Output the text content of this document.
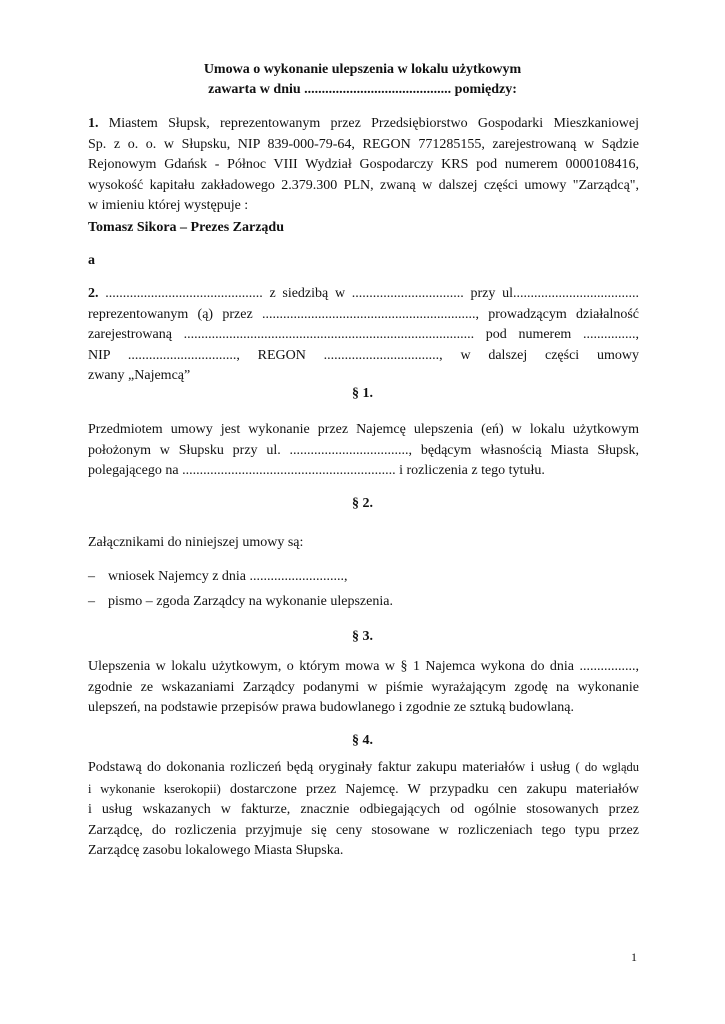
Umowa o wykonanie ulepszenia w lokalu użytkowym
zawarta w dniu .......................................... pomiędzy:
1. Miastem Słupsk, reprezentowanym przez Przedsiębiorstwo Gospodarki Mieszkaniowej
Sp. z o. o. w Słupsku, NIP 839-000-79-64, REGON 771285155, zarejestrowaną w Sądzie
Rejonowym Gdańsk - Północ VIII Wydział Gospodarczy KRS pod numerem 0000108416,
wysokość kapitału zakładowego 2.379.300 PLN, zwaną w dalszej części umowy "Zarządcą",
w imieniu której występuje :
Tomasz Sikora – Prezes Zarządu
a
2. ............................................. z siedzibą w ................................ przy ul....................................
reprezentowanym (ą) przez ............................................................., prowadzącym działalność
zarejestrowaną ................................................................................... pod numerem ...............,
NIP ..............................., REGON ................................., w dalszej części umowy
zwany „Najemcą”
§ 1.
Przedmiotem umowy jest wykonanie przez Najemcę ulepszenia (eń) w lokalu użytkowym
położonym w Słupsku przy ul. .................................., będącym własnością Miasta Słupsk,
polegającego na ............................................................. i rozliczenia z tego tytułu.
§ 2.
Załącznikami do niniejszej umowy są:
– wniosek Najemcy z dnia ...........................,
– pismo – zgoda Zarządcy na wykonanie ulepszenia.
§ 3.
Ulepszenia w lokalu użytkowym, o którym mowa w § 1 Najemca wykona do dnia ................,
zgodnie ze wskazaniami Zarządcy podanymi w piśmie wyrażającym zgodę na wykonanie
ulepszeń, na podstawie przepisów prawa budowlanego i zgodnie ze sztuką budowlaną.
§ 4.
Podstawą do dokonania rozliczeń będą oryginały faktur zakupu materiałów i usług ( do wglądu
i wykonanie kserokopii) dostarczone przez Najemcę. W przypadku cen zakupu materiałów
i usług wskazanych w fakturze, znacznie odbiegających od ogólnie stosowanych przez
Zarządcę, do rozliczenia przyjmuje się ceny stosowane w rozliczeniach tego typu przez
Zarządcę zasobu lokalowego Miasta Słupska.
1
